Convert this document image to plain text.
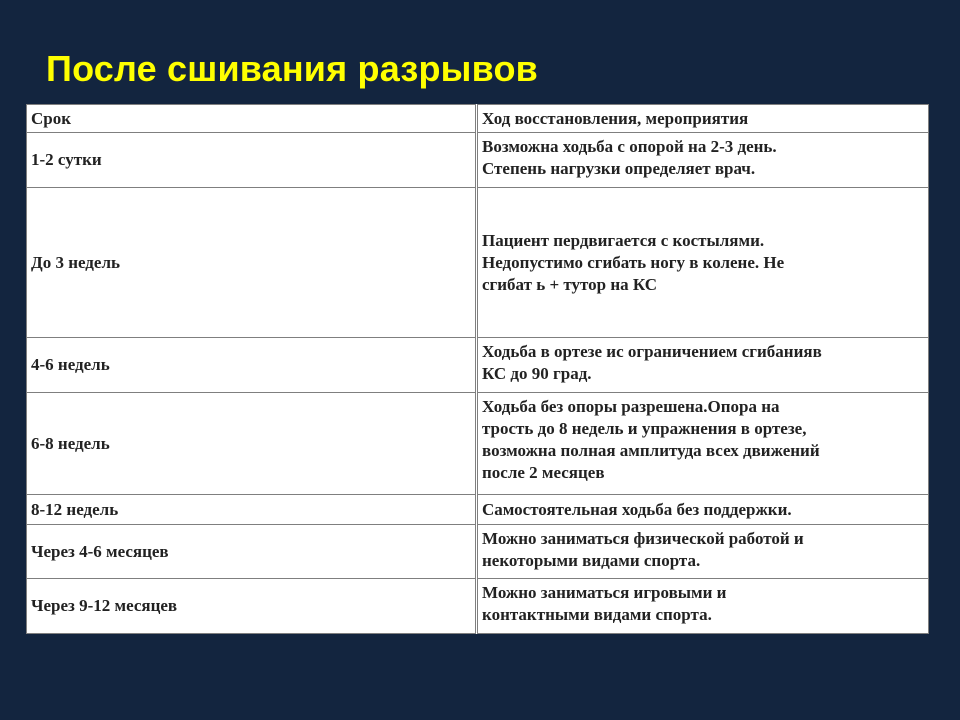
После сшивания разрывов
Срок	Ход восстановления, мероприятия
1-2 сутки	Возможна ходьба с опорой на 2-3 день.
Степень нагрузки определяет врач.

До 3 недель	Пациент пердвигается с костылями.
Недопустимо сгибать ногу в колене. Не
сгибат ь + тутор на КС

4-6 недель	Ходьба в ортезе ис ограничением сгибанияв
КС до 90 град.

6-8 недель	Ходьба без опоры разрешена.Опора на
трость до 8 недель и упражнения в ортезе,
возможна полная амплитуда всех движений
после 2 месяцев

8-12 недель	Самостоятельная ходьба без поддержки.

Через 4-6 месяцев	Можно заниматься физической работой и
некоторыми видами спорта.

Через 9-12 месяцев	Можно заниматься игровыми и
контактными видами спорта.
